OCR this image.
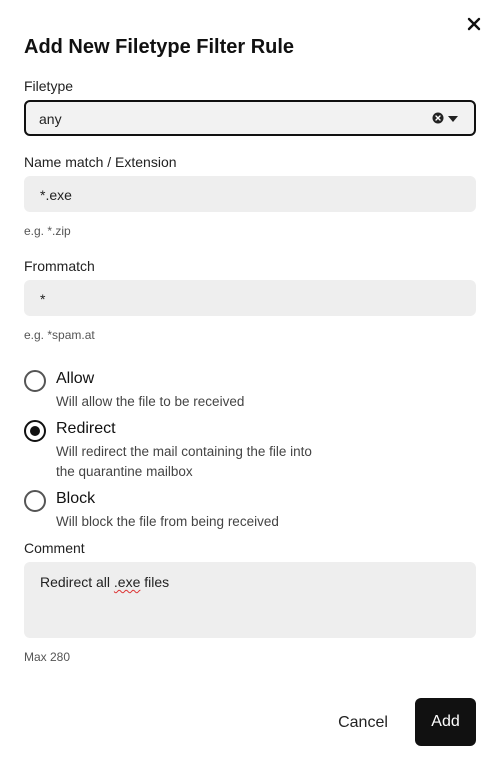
Add New Filetype Filter Rule
Filetype
any
Name match / Extension
*.exe
e.g. *.zip
Frommatch
*
e.g. *spam.at
Allow
Will allow the file to be received
Redirect
Will redirect the mail containing the file into the quarantine mailbox
Block
Will block the file from being received
Comment
Redirect all .exe files
Max 280
Cancel	Add
